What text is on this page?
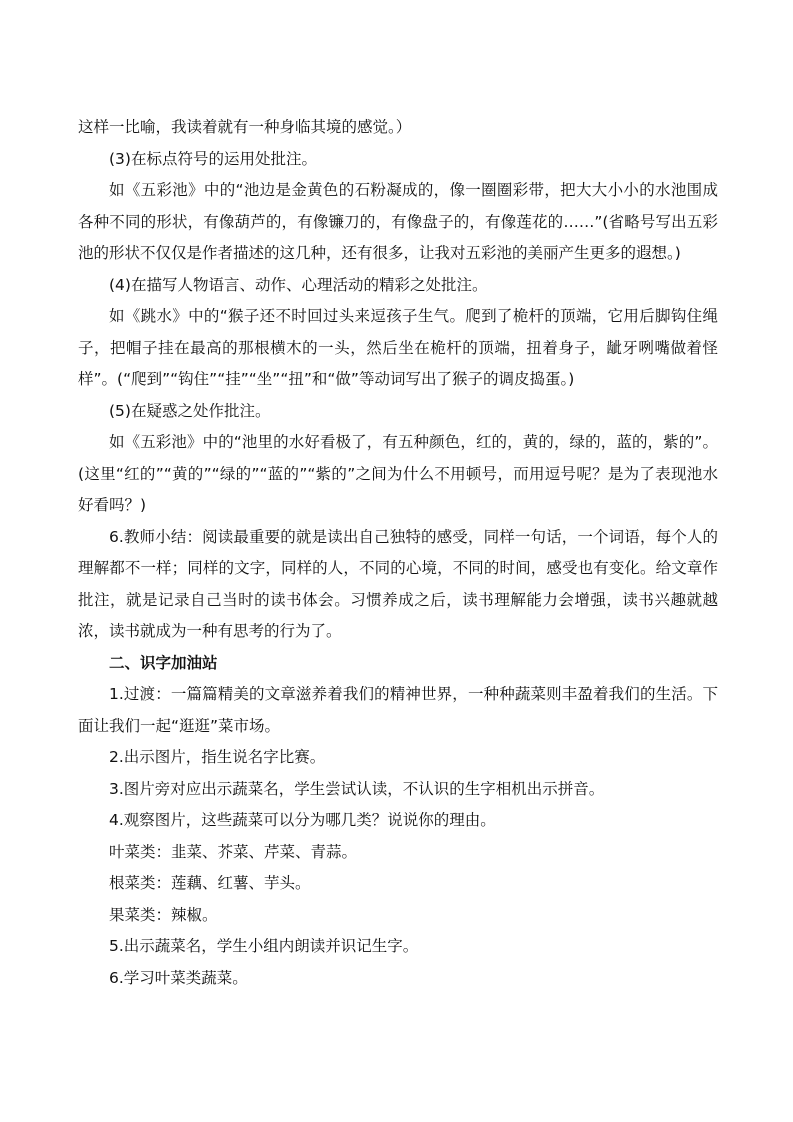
这样一比喻，我读着就有一种身临其境的感觉。）

(3)在标点符号的运用处批注。

如《五彩池》中的“池边是金黄色的石粉凝成的，像一圈圈彩带，把大大小小的水池围成各种不同的形状，有像葫芦的，有像镰刀的，有像盘子的，有像莲花的……”(省略号写出五彩池的形状不仅仅是作者描述的这几种，还有很多，让我对五彩池的美丽产生更多的遐想。)

(4)在描写人物语言、动作、心理活动的精彩之处批注。

如《跳水》中的“猴子还不时回过头来逗孩子生气。爬到了桅杆的顶端，它用后脚钩住绳子，把帽子挂在最高的那根横木的一头，然后坐在桅杆的顶端，扭着身子，龇牙咧嘴做着怪样”。(“爬到”“钩住”“挂”“坐”“扭”和“做”等动词写出了猴子的调皮捣蛋。)

(5)在疑惑之处作批注。

如《五彩池》中的“池里的水好看极了，有五种颜色，红的，黄的，绿的，蓝的，紫的”。(这里“红的”“黄的”“绿的”“蓝的”“紫的”之间为什么不用顿号，而用逗号呢？是为了表现池水好看吗？)

6.教师小结：阅读最重要的就是读出自己独特的感受，同样一句话，一个词语，每个人的理解都不一样；同样的文字，同样的人，不同的心境，不同的时间，感受也有变化。给文章作批注，就是记录自己当时的读书体会。习惯养成之后，读书理解能力会增强，读书兴趣就越浓，读书就成为一种有思考的行为了。

二、识字加油站

1.过渡：一篇篇精美的文章滋养着我们的精神世界，一种种蔬菜则丰盈着我们的生活。下面让我们一起“逛逛”菜市场。

2.出示图片，指生说名字比赛。

3.图片旁对应出示蔬菜名，学生尝试认读，不认识的生字相机出示拼音。

4.观察图片，这些蔬菜可以分为哪几类？说说你的理由。

叶菜类：韭菜、芥菜、芹菜、青蒜。

根菜类：莲藕、红薯、芋头。

果菜类：辣椒。

5.出示蔬菜名，学生小组内朗读并识记生字。

6.学习叶菜类蔬菜。
